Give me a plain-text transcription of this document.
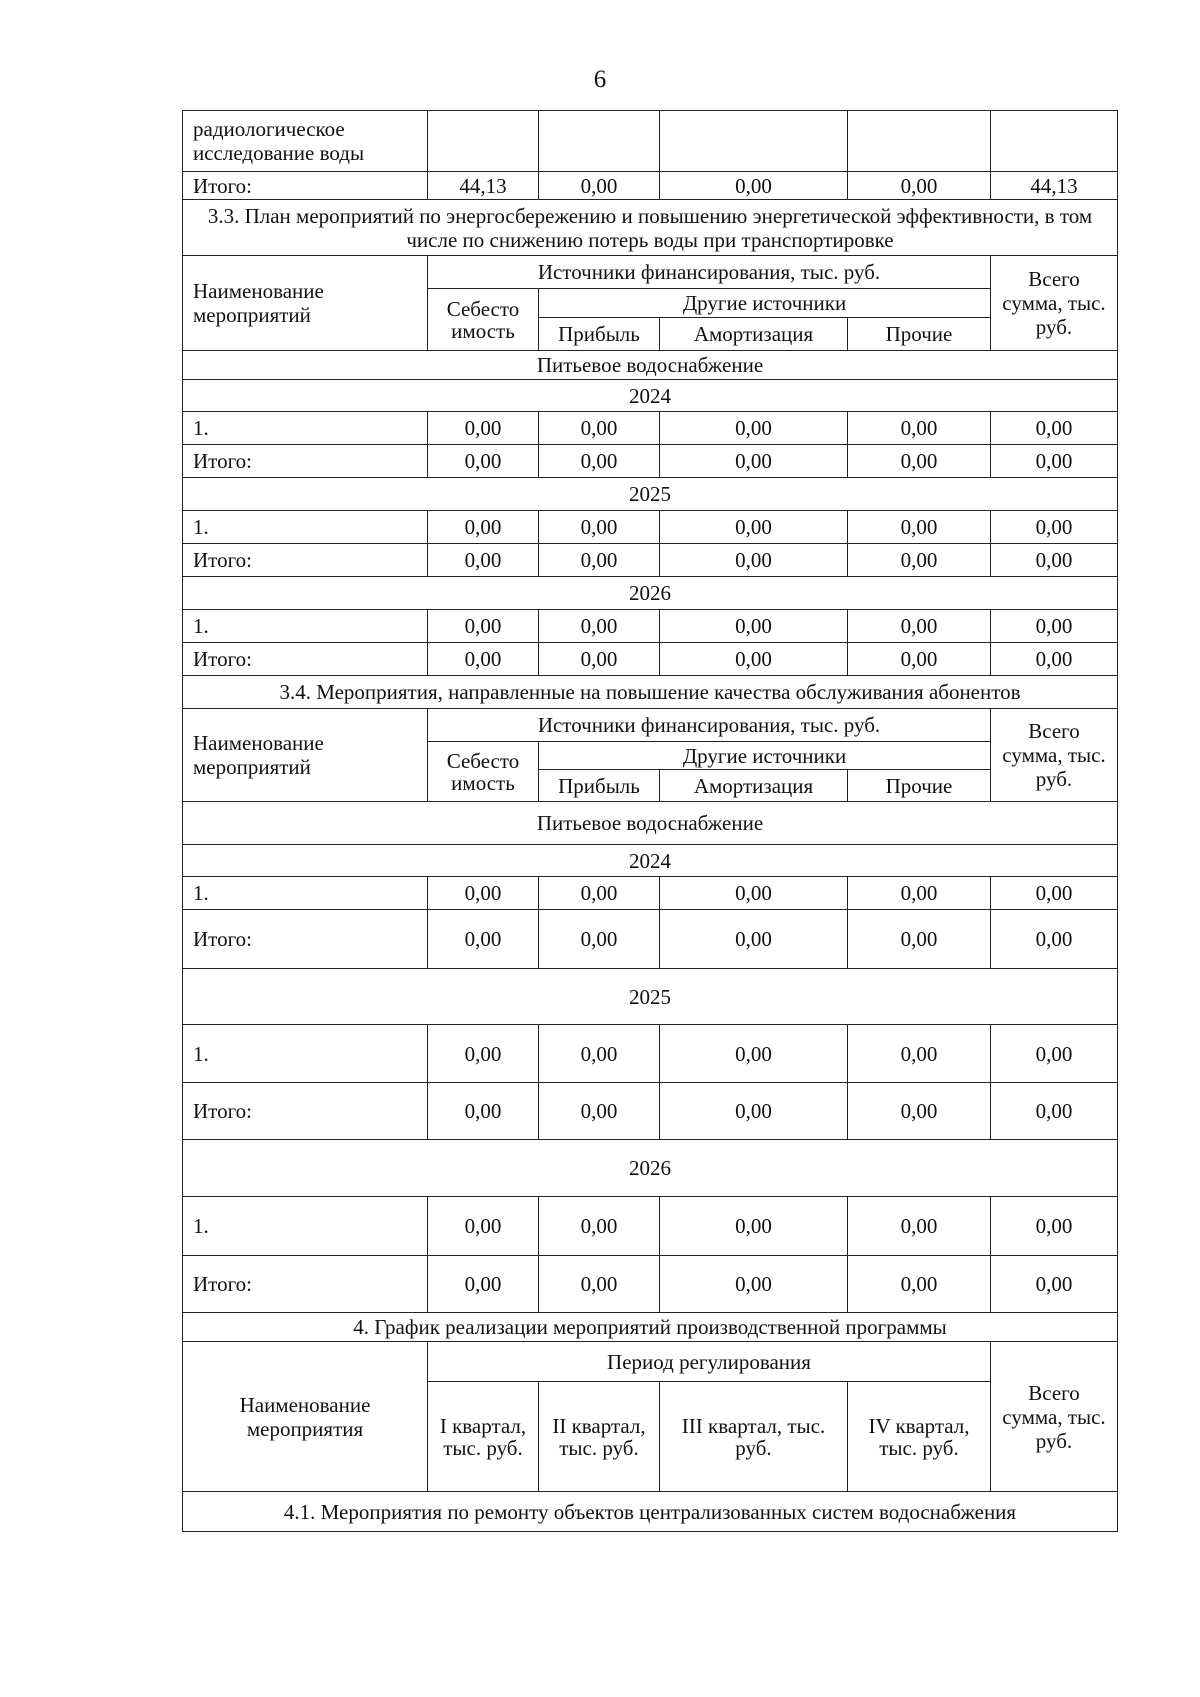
6
радиологическое исследование воды					
Итого:	44,13	0,00	0,00	0,00	44,13
3.3. План мероприятий по энергосбережению и повышению энергетической эффективности, в том числе по снижению потерь воды при транспортировке					
Наименование мероприятий	Источники финансирования, тыс. руб.				Всего сумма, тыс. руб.
	Себесто имость	Другие источники			
		Прибыль	Амортизация	Прочие	
Питьевое водоснабжение					
2024					
1.	0,00	0,00	0,00	0,00	0,00
Итого:	0,00	0,00	0,00	0,00	0,00
2025					
1.	0,00	0,00	0,00	0,00	0,00
Итого:	0,00	0,00	0,00	0,00	0,00
2026					
1.	0,00	0,00	0,00	0,00	0,00
Итого:	0,00	0,00	0,00	0,00	0,00
3.4. Мероприятия, направленные на повышение качества обслуживания абонентов					
Наименование мероприятий	Источники финансирования, тыс. руб.				Всего сумма, тыс. руб.
	Себесто имость	Другие источники			
		Прибыль	Амортизация	Прочие	
Питьевое водоснабжение					
2024					
1.	0,00	0,00	0,00	0,00	0,00
Итого:	0,00	0,00	0,00	0,00	0,00
2025					
1.	0,00	0,00	0,00	0,00	0,00
Итого:	0,00	0,00	0,00	0,00	0,00
2026					
1.	0,00	0,00	0,00	0,00	0,00
Итого:	0,00	0,00	0,00	0,00	0,00
4. График реализации мероприятий производственной программы					
Наименование мероприятия	Период регулирования				Всего сумма, тыс. руб.
	I квартал, тыс. руб.	II квартал, тыс. руб.	III квартал, тыс. руб.	IV квартал, тыс. руб.	
4.1. Мероприятия по ремонту объектов централизованных систем водоснабжения					
